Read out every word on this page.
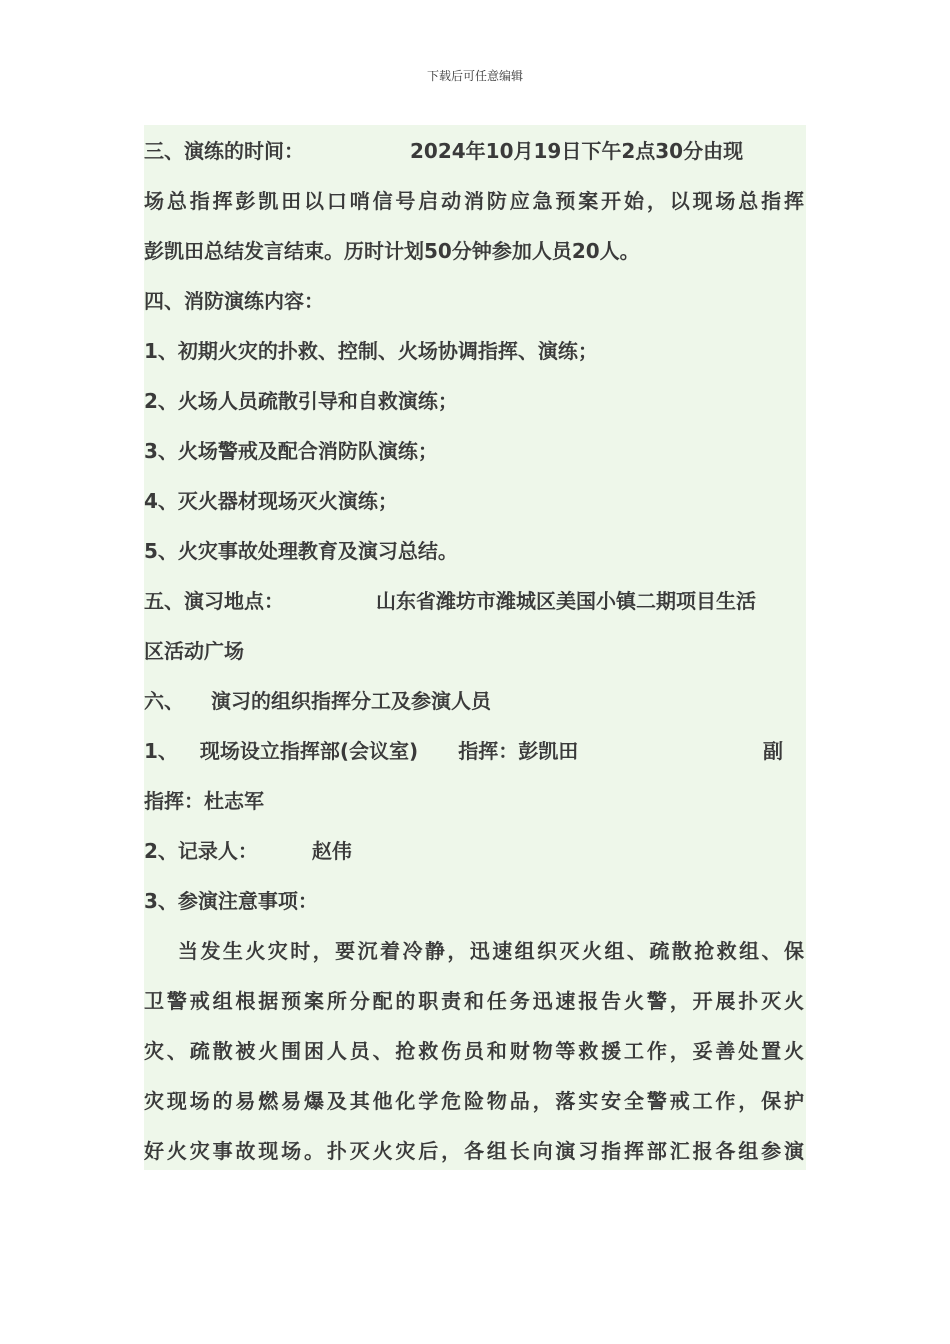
下载后可任意编辑
三、演练的时间：	2024年10月19日下午2点30分由现
场总指挥彭凯田以口哨信号启动消防应急预案开始，以现场总指挥
彭凯田总结发言结束。历时计划50分钟参加人员20人。
四、消防演练内容：
1、初期火灾的扑救、控制、火场协调指挥、演练；
2、火场人员疏散引导和自救演练；
3、火场警戒及配合消防队演练；
4、灭火器材现场灭火演练；
5、火灾事故处理教育及演习总结。
五、演习地点：	山东省潍坊市潍城区美国小镇二期项目生活
区活动广场
六、 演习的组织指挥分工及参演人员
1、 现场设立指挥部(会议室) 指挥：彭凯田	副
指挥：杜志军
2、记录人：	赵伟
3、参演注意事项：
当发生火灾时，要沉着冷静，迅速组织灭火组、疏散抢救组、保
卫警戒组根据预案所分配的职责和任务迅速报告火警，开展扑灭火
灾、疏散被火围困人员、抢救伤员和财物等救援工作，妥善处置火
灾现场的易燃易爆及其他化学危险物品，落实安全警戒工作，保护
好火灾事故现场。扑灭火灾后，各组长向演习指挥部汇报各组参演
